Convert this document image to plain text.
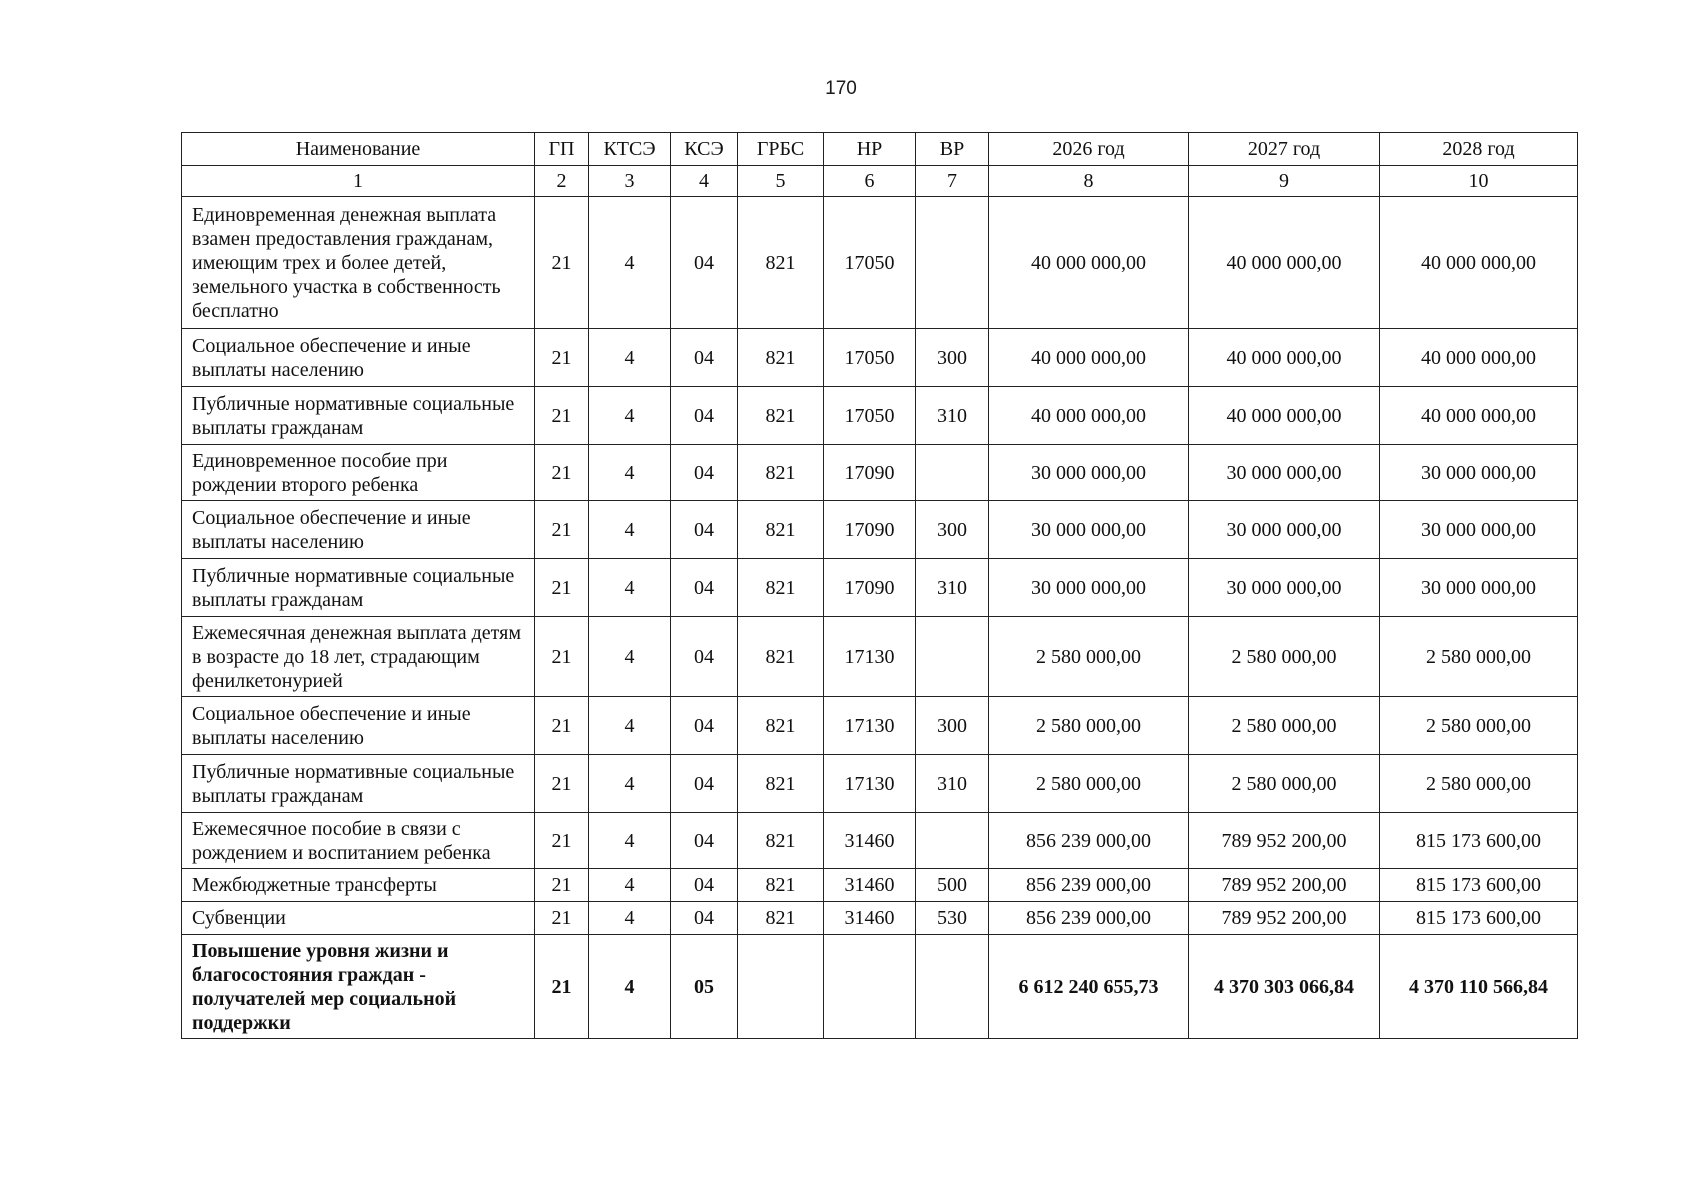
170
Наименование	ГП	КТСЭ	КСЭ	ГРБС	НР	ВР	2026 год	2027 год	2028 год
1	2	3	4	5	6	7	8	9	10
Единовременная денежная выплата взамен предоставления гражданам, имеющим трех и более детей, земельного участка в собственность бесплатно	21	4	04	821	17050		40 000 000,00	40 000 000,00	40 000 000,00
Социальное обеспечение и иные выплаты населению	21	4	04	821	17050	300	40 000 000,00	40 000 000,00	40 000 000,00
Публичные нормативные социальные выплаты гражданам	21	4	04	821	17050	310	40 000 000,00	40 000 000,00	40 000 000,00
Единовременное пособие при рождении второго ребенка	21	4	04	821	17090		30 000 000,00	30 000 000,00	30 000 000,00
Социальное обеспечение и иные выплаты населению	21	4	04	821	17090	300	30 000 000,00	30 000 000,00	30 000 000,00
Публичные нормативные социальные выплаты гражданам	21	4	04	821	17090	310	30 000 000,00	30 000 000,00	30 000 000,00
Ежемесячная денежная выплата детям в возрасте до 18 лет, страдающим фенилкетонурией	21	4	04	821	17130		2 580 000,00	2 580 000,00	2 580 000,00
Социальное обеспечение и иные выплаты населению	21	4	04	821	17130	300	2 580 000,00	2 580 000,00	2 580 000,00
Публичные нормативные социальные выплаты гражданам	21	4	04	821	17130	310	2 580 000,00	2 580 000,00	2 580 000,00
Ежемесячное пособие в связи с рождением и воспитанием ребенка	21	4	04	821	31460		856 239 000,00	789 952 200,00	815 173 600,00
Межбюджетные трансферты	21	4	04	821	31460	500	856 239 000,00	789 952 200,00	815 173 600,00
Субвенции	21	4	04	821	31460	530	856 239 000,00	789 952 200,00	815 173 600,00
Повышение уровня жизни и благосостояния граждан - получателей мер социальной поддержки	21	4	05				6 612 240 655,73	4 370 303 066,84	4 370 110 566,84
